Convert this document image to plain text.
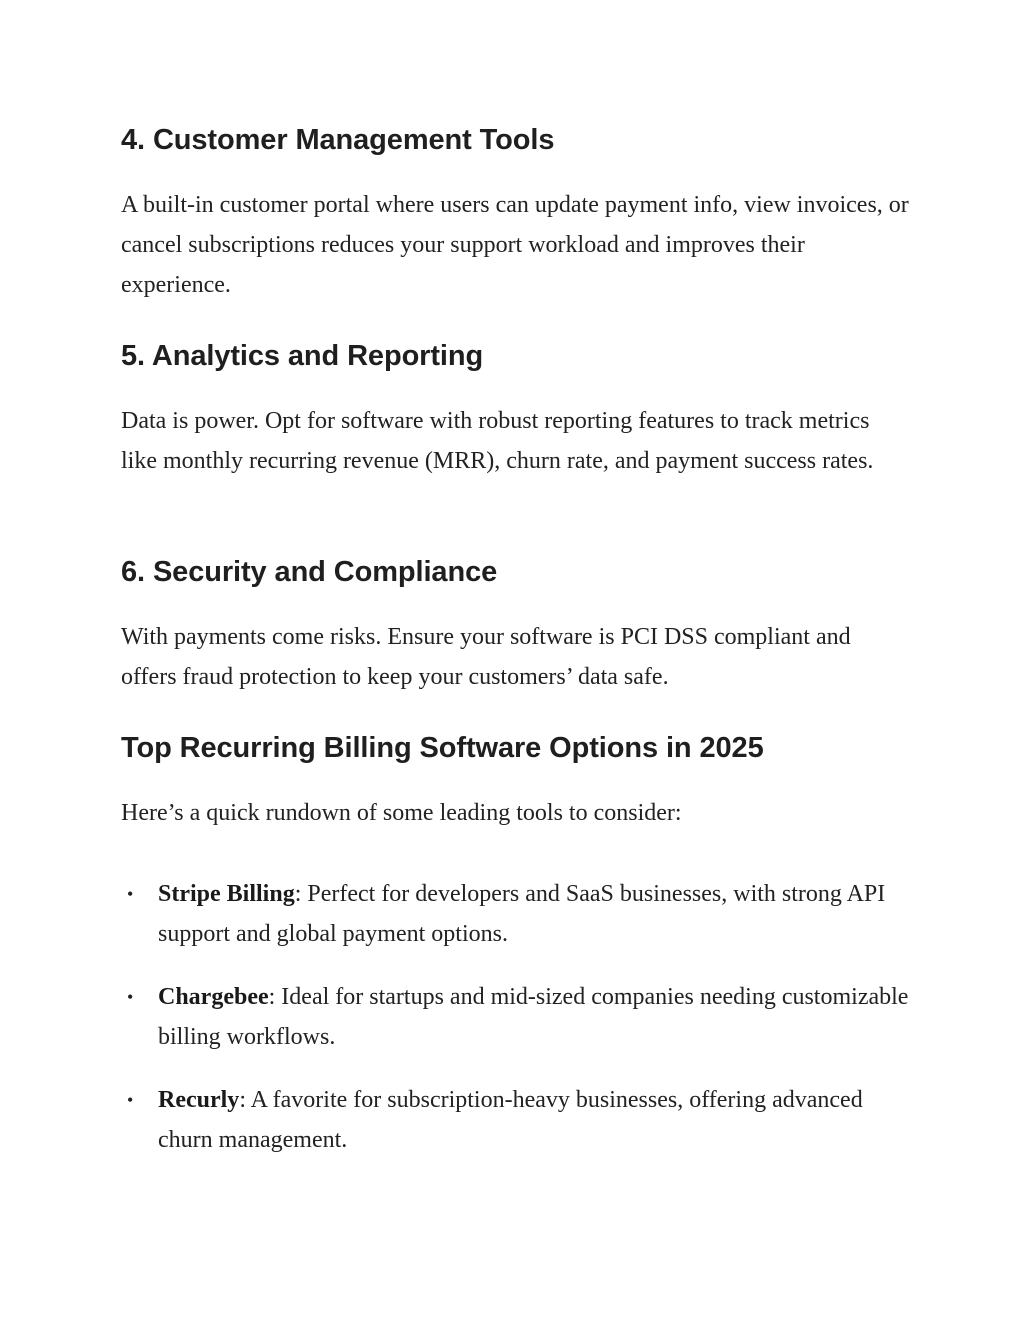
4. Customer Management Tools

A built-in customer portal where users can update payment info, view invoices, or cancel subscriptions reduces your support workload and improves their experience.

5. Analytics and Reporting

Data is power. Opt for software with robust reporting features to track metrics like monthly recurring revenue (MRR), churn rate, and payment success rates.

6. Security and Compliance

With payments come risks. Ensure your software is PCI DSS compliant and offers fraud protection to keep your customers’ data safe.

Top Recurring Billing Software Options in 2025

Here’s a quick rundown of some leading tools to consider:

• Stripe Billing: Perfect for developers and SaaS businesses, with strong API support and global payment options.
• Chargebee: Ideal for startups and mid-sized companies needing customizable billing workflows.
• Recurly: A favorite for subscription-heavy businesses, offering advanced churn management.
